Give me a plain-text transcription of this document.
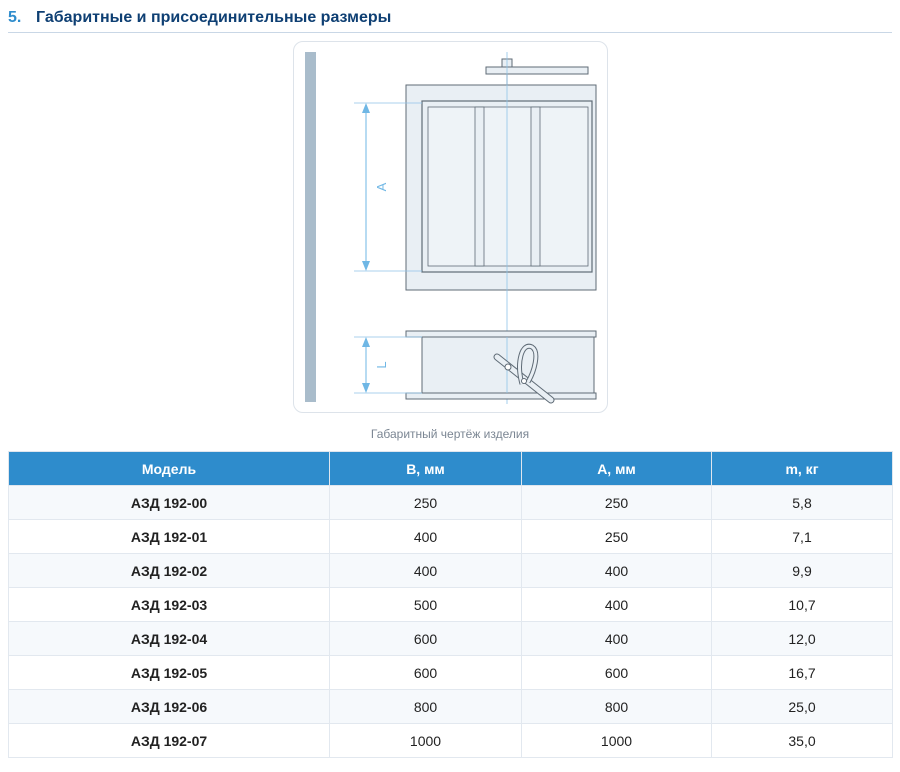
5. Габаритные и присоединительные размеры
A
L
Габаритный чертёж изделия
Модель	B, мм	A, мм	m, кг
АЗД 192-00	250	250	5,8
АЗД 192-01	400	250	7,1
АЗД 192-02	400	400	9,9
АЗД 192-03	500	400	10,7
АЗД 192-04	600	400	12,0
АЗД 192-05	600	600	16,7
АЗД 192-06	800	800	25,0
АЗД 192-07	1000	1000	35,0
